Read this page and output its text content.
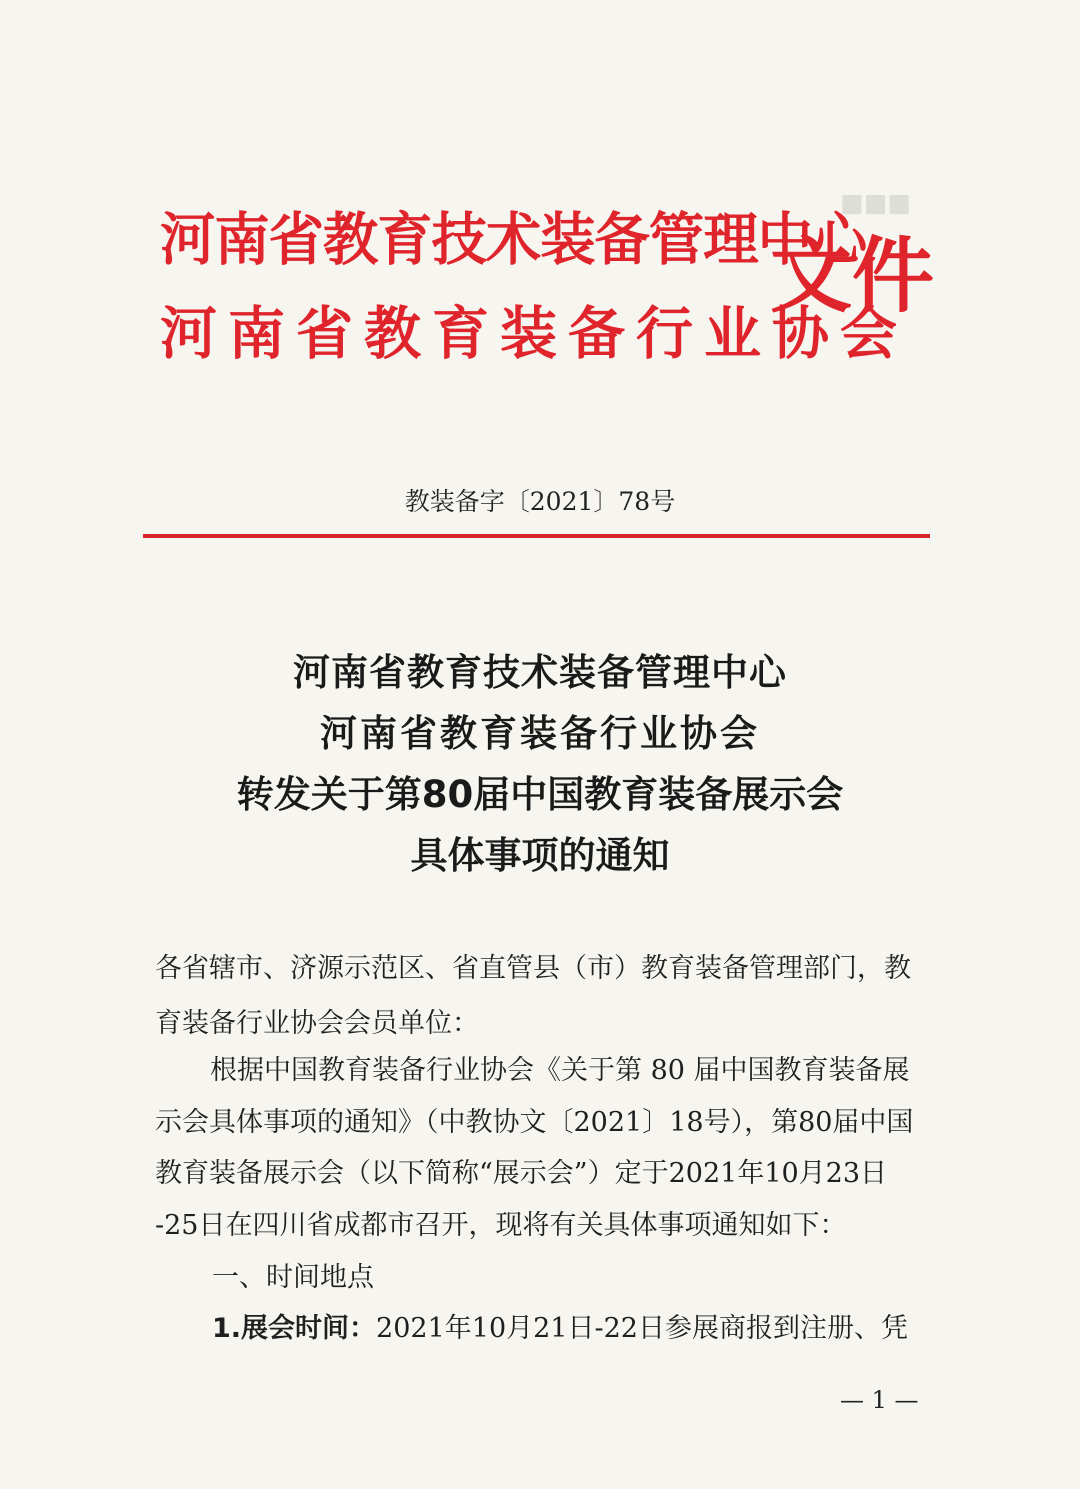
■■■
河南省教育技术装备管理中心
河南省教育装备行业协会
文件
教装备字〔2021〕78号
河南省教育技术装备管理中心
河南省教育装备行业协会
转发关于第80届中国教育装备展示会
具体事项的通知
各省辖市、济源示范区、省直管县（市）教育装备管理部门，教
育装备行业协会会员单位：
根据中国教育装备行业协会《关于第 80 届中国教育装备展
示会具体事项的通知》（中教协文〔2021〕18号），第80届中国
教育装备展示会（以下简称“展示会”）定于2021年10月23日
-25日在四川省成都市召开，现将有关具体事项通知如下：
一、时间地点
1.展会时间：2021年10月21日-22日参展商报到注册、凭
— 1 —
